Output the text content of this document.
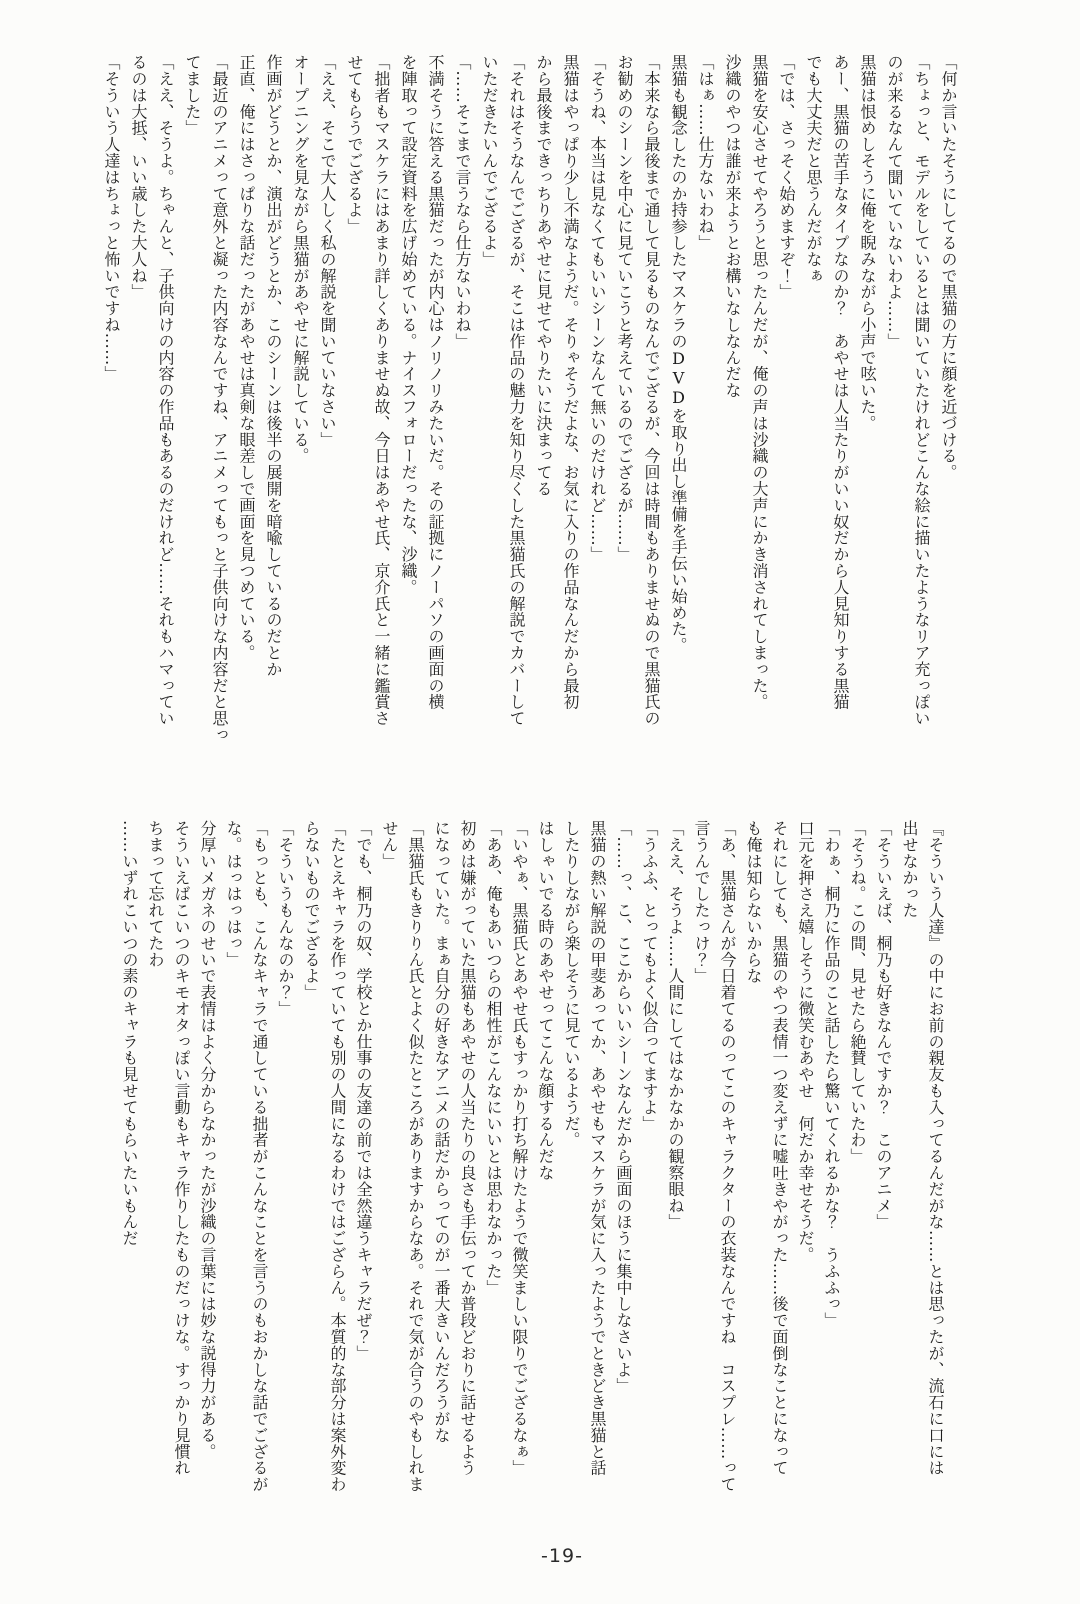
「何か言いたそうにしてるので黒猫の方に顔を近づける。
「ちょっと、モデルをしているとは聞いていたけれどこんな絵に描いたようなリア充っぽい
のが来るなんて聞いていないわよ……」
黒猫は恨めしそうに俺を睨みながら小声で呟いた。
あー、黒猫の苦手なタイプなのか？　あやせは人当たりがいい奴だから人見知りする黒猫
でも大丈夫だと思うんだがなぁ
「では、さっそく始めますぞ！」
黒猫を安心させてやろうと思ったんだが、俺の声は沙織の大声にかき消されてしまった。
沙織のやつは誰が来ようとお構いなしなんだな
「はぁ……仕方ないわね」
黒猫も観念したのか持参したマスケラのDVDを取り出し準備を手伝い始めた。
「本来なら最後まで通して見るものなんでござるが、今回は時間もありませぬので黒猫氏の
お勧めのシーンを中心に見ていこうと考えているのでござるが……」
「そうね、本当は見なくてもいいシーンなんて無いのだけれど……」
黒猫はやっぱり少し不満なようだ。そりゃそうだよな、お気に入りの作品なんだから最初
から最後まできっちりあやせに見せてやりたいに決まってる
「それはそうなんでござるが、そこは作品の魅力を知り尽くした黒猫氏の解説でカバーして
いただきたいんでござるよ」
「……そこまで言うなら仕方ないわね」
不満そうに答える黒猫だったが内心はノリノリみたいだ。その証拠にノーパソの画面の横
を陣取って設定資料を広げ始めている。ナイスフォローだったな、沙織。
「拙者もマスケラにはあまり詳しくありませぬ故、今日はあやせ氏、京介氏と一緒に鑑賞さ
せてもらうでござるよ」
「ええ、そこで大人しく私の解説を聞いていなさい」
オープニングを見ながら黒猫があやせに解説している。
作画がどうとか、演出がどうとか、このシーンは後半の展開を暗喩しているのだとか
正直、俺にはさっぱりな話だったがあやせは真剣な眼差しで画面を見つめている。
「最近のアニメって意外と凝った内容なんですね、アニメってもっと子供向けな内容だと思っ
てました」
「ええ、そうよ。ちゃんと、子供向けの内容の作品もあるのだけれど……それもハマってい
るのは大抵、いい歳した大人ね」
「そういう人達はちょっと怖いですね……」
『そういう人達』の中にお前の親友も入ってるんだがな……とは思ったが、流石に口には
出せなかった
「そういえば、桐乃も好きなんですか？　このアニメ」
「そうね。この間、見せたら絶賛していたわ」
「わぁ、桐乃に作品のこと話したら驚いてくれるかな？　うふふっ」
口元を押さえ嬉しそうに微笑むあやせ　何だか幸せそうだ。
それにしても、黒猫のやつ表情一つ変えずに嘘吐きやがった……後で面倒なことになって
も俺は知らないからな
「あ、黒猫さんが今日着てるのってこのキャラクターの衣装なんですね　コスプレ……って
言うんでしたっけ？」
「ええ、そうよ……人間にしてはなかなかの観察眼ね」
「うふふ、とってもよく似合ってますよ」
「……っ、こ、ここからいいシーンなんだから画面のほうに集中しなさいよ」
黒猫の熱い解説の甲斐あってか、あやせもマスケラが気に入ったようでときどき黒猫と話
したりしながら楽しそうに見ているようだ。
はしゃいでる時のあやせってこんな顔するんだな
「いやぁ、黒猫氏とあやせ氏もすっかり打ち解けたようで微笑ましい限りでござるなぁ」
「ああ、俺もあいつらの相性がこんなにいいとは思わなかった」
初めは嫌がっていた黒猫もあやせの人当たりの良さも手伝ってか普段どおりに話せるよう
になっていた。まぁ自分の好きなアニメの話だからってのが一番大きいんだろうがな
「黒猫氏もきりりん氏とよく似たところがありますからなあ。それで気が合うのやもしれま
せん」
「でも、桐乃の奴、学校とか仕事の友達の前では全然違うキャラだぜ？」
「たとえキャラを作っていても別の人間になるわけではござらん。本質的な部分は案外変わ
らないものでござるよ」
「そういうもんなのか？」
「もっとも、こんなキャラで通している拙者がこんなことを言うのもおかしな話でござるが
な。はっはっはっ」
分厚いメガネのせいで表情はよく分からなかったが沙織の言葉には妙な説得力がある。
そういえばこいつのキモオタっぽい言動もキャラ作りしたものだっけな。すっかり見慣れ
ちまって忘れてたわ
……いずれこいつの素のキャラも見せてもらいたいもんだ
-19-
